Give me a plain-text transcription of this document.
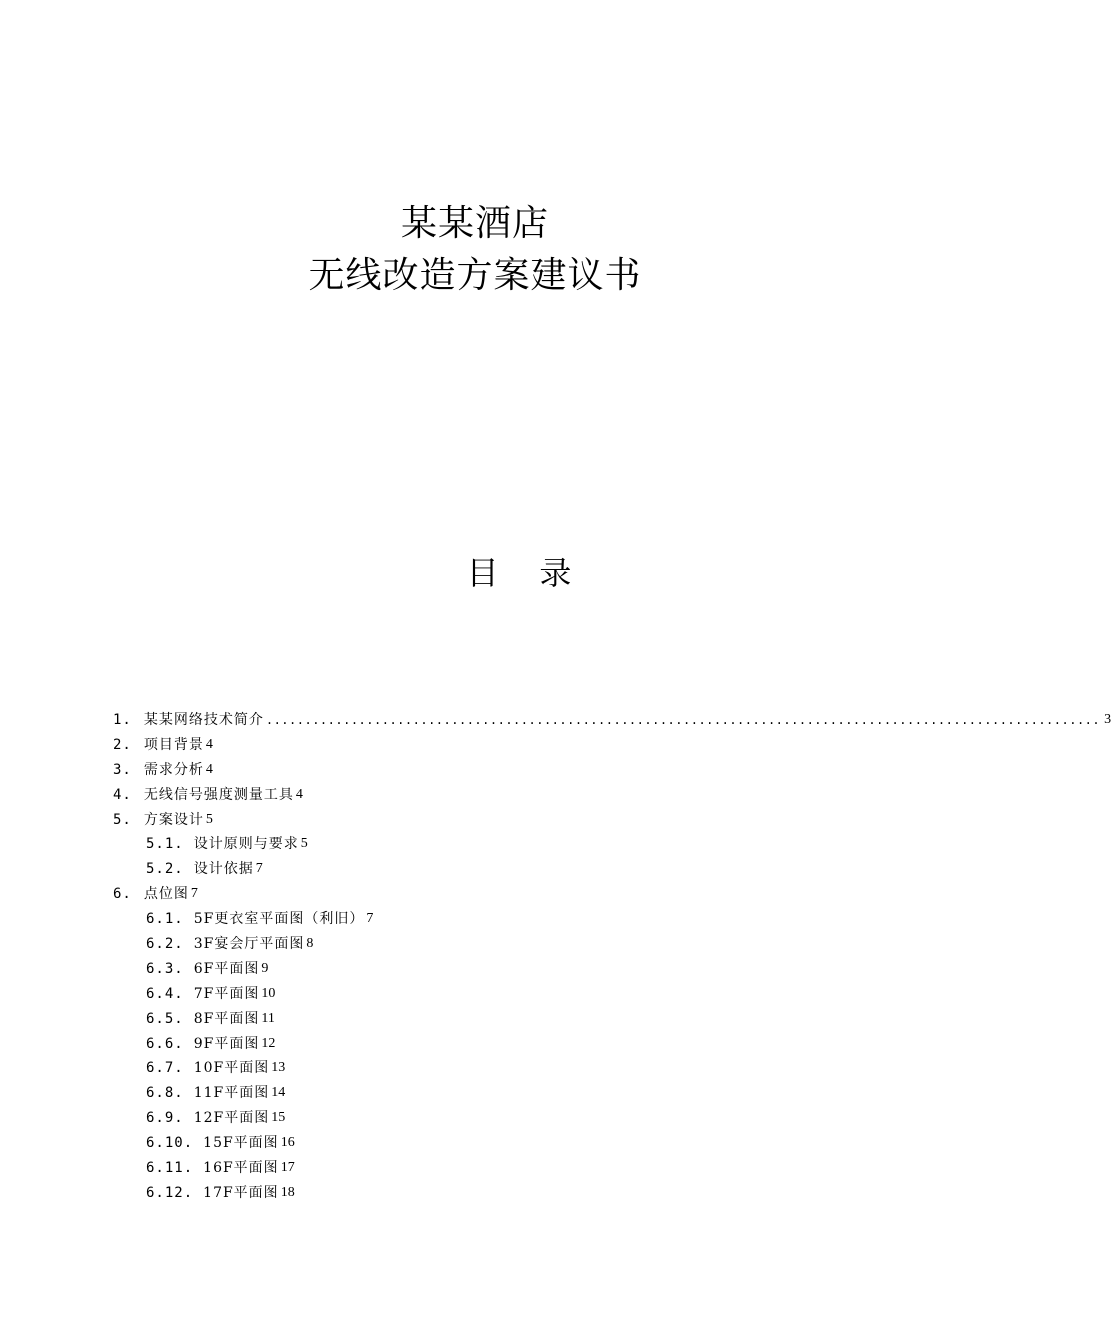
某某酒店
无线改造方案建议书
目    录
1. 某某网络技术简介 ............................................................................................................ 3
2. 项目背景 4
3. 需求分析 4
4. 无线信号强度测量工具 4
5. 方案设计 5
5.1. 设计原则与要求 5
5.2. 设计依据 7
6. 点位图 7
6.1. 5F更衣室平面图（利旧） 7
6.2. 3F宴会厅平面图 8
6.3. 6F平面图 9
6.4. 7F平面图 10
6.5. 8F平面图 11
6.6. 9F平面图 12
6.7. 10F平面图 13
6.8. 11F平面图 14
6.9. 12F平面图 15
6.10. 15F平面图 16
6.11. 16F平面图 17
6.12. 17F平面图 18
